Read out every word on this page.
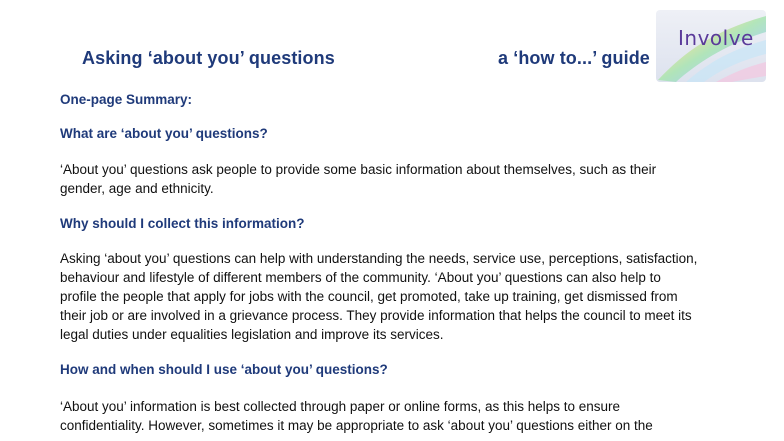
Asking ‘about you’ questions	a ‘how to...’ guide
Involve
One-page Summary:
What are ‘about you’ questions?
‘About you’ questions ask people to provide some basic information about themselves, such as their
gender, age and ethnicity.
Why should I collect this information?
Asking ‘about you’ questions can help with understanding the needs, service use, perceptions, satisfaction,
behaviour and lifestyle of different members of the community. ‘About you’ questions can also help to
profile the people that apply for jobs with the council, get promoted, take up training, get dismissed from
their job or are involved in a grievance process. They provide information that helps the council to meet its
legal duties under equalities legislation and improve its services.
How and when should I use ‘about you’ questions?
‘About you’ information is best collected through paper or online forms, as this helps to ensure
confidentiality. However, sometimes it may be appropriate to ask ‘about you’ questions either on the
